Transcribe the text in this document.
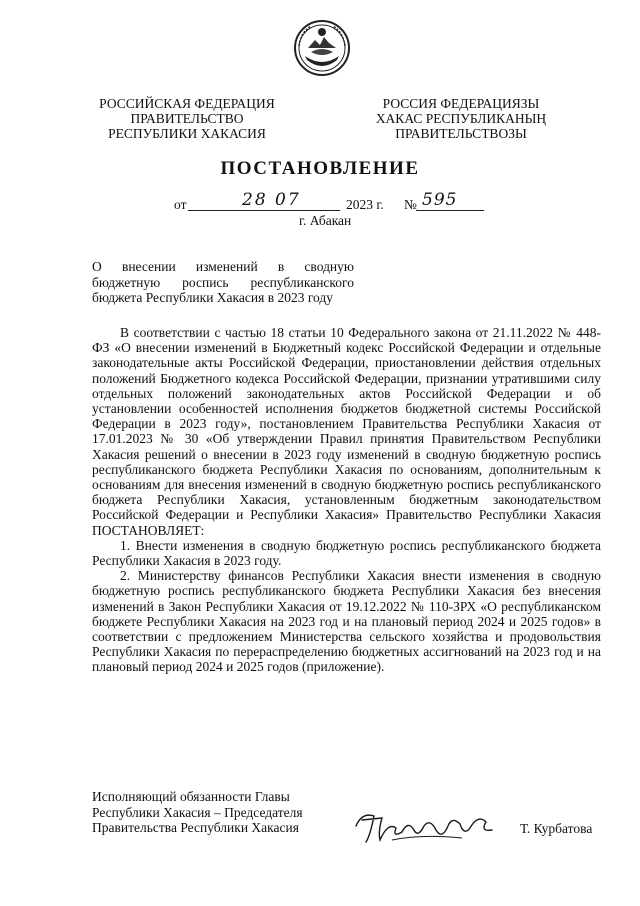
РОССИЙСКАЯ ФЕДЕРАЦИЯ
ПРАВИТЕЛЬСТВО
РЕСПУБЛИКИ ХАКАСИЯ
РОССИЯ ФЕДЕРАЦИЯЗЫ
ХАКАС РЕСПУБЛИКАНЫҢ
ПРАВИТЕЛЬСТВОЗЫ
ПОСТАНОВЛЕНИЕ
от	28 07	2023 г. № 595
г. Абакан
О внесении изменений в сводную бюджетную роспись республиканского бюджета Республики Хакасия в 2023 году

В соответствии с частью 18 статьи 10 Федерального закона от 21.11.2022 № 448-ФЗ «О внесении изменений в Бюджетный кодекс Российской Федерации и отдельные законодательные акты Российской Федерации, приостановлении действия отдельных положений Бюджетного кодекса Российской Федерации, признании утратившими силу отдельных положений законодательных актов Российской Федерации и об установлении особенностей исполнения бюджетов бюджетной системы Российской Федерации в 2023 году», постановлением Правительства Республики Хакасия от 17.01.2023 № 30 «Об утверждении Правил принятия Правительством Республики Хакасия решений о внесении в 2023 году изменений в сводную бюджетную роспись республиканского бюджета Республики Хакасия по основаниям, дополнительным к основаниям для внесения изменений в сводную бюджетную роспись республиканского бюджета Республики Хакасия, установленным бюджетным законодательством Российской Федерации и Республики Хакасия» Правительство Республики Хакасия ПОСТАНОВЛЯЕТ:

1. Внести изменения в сводную бюджетную роспись республиканского бюджета Республики Хакасия в 2023 году.

2. Министерству финансов Республики Хакасия внести изменения в сводную бюджетную роспись республиканского бюджета Республики Хакасия без внесения изменений в Закон Республики Хакасия от 19.12.2022 № 110-ЗРХ «О республиканском бюджете Республики Хакасия на 2023 год и на плановый период 2024 и 2025 годов» в соответствии с предложением Министерства сельского хозяйства и продовольствия Республики Хакасия по перераспределению бюджетных ассигнований на 2023 год и на плановый период 2024 и 2025 годов (приложение).

Исполняющий обязанности Главы
Республики Хакасия – Председателя
Правительства Республики Хакасия	Т. Курбатова
